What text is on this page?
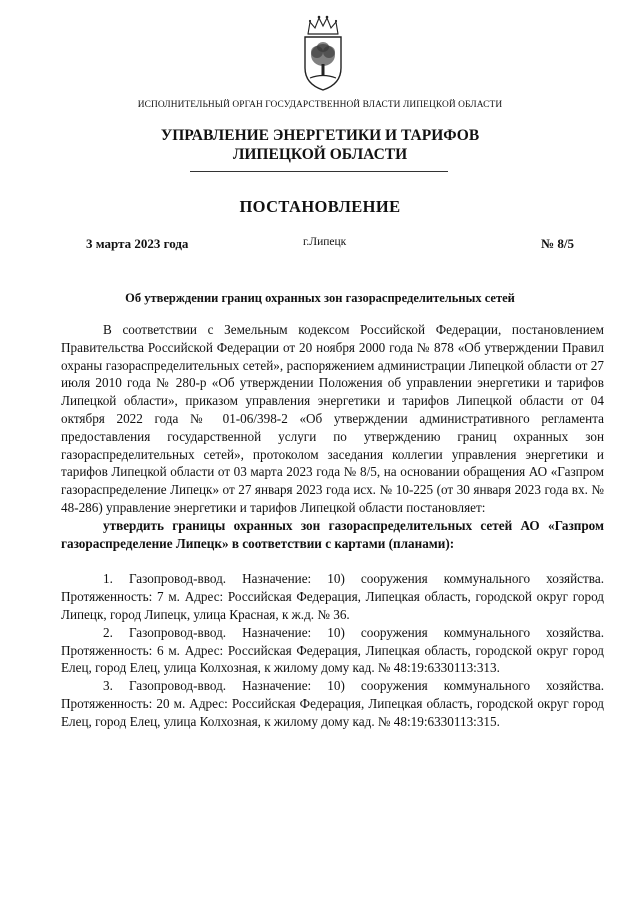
ИСПОЛНИТЕЛЬНЫЙ ОРГАН ГОСУДАРСТВЕННОЙ ВЛАСТИ ЛИПЕЦКОЙ ОБЛАСТИ
УПРАВЛЕНИЕ ЭНЕРГЕТИКИ И ТАРИФОВ
ЛИПЕЦКОЙ ОБЛАСТИ
ПОСТАНОВЛЕНИЕ
3 марта 2023 года	г.Липецк	№ 8/5
Об утверждении границ охранных зон газораспределительных сетей

В соответствии с Земельным кодексом Российской Федерации, постановлением Правительства Российской Федерации от 20 ноября 2000 года № 878 «Об утверждении Правил охраны газораспределительных сетей», распоряжением администрации Липецкой области от 27 июля 2010 года № 280-р «Об утверждении Положения об управлении энергетики и тарифов Липецкой области», приказом управления энергетики и тарифов Липецкой области от 04 октября 2022 года № 01-06/398-2 «Об утверждении административного регламента предоставления государственной услуги по утверждению границ охранных зон газораспределительных сетей», протоколом заседания коллегии управления энергетики и тарифов Липецкой области от 03 марта 2023 года № 8/5, на основании обращения АО «Газпром газораспределение Липецк» от 27 января 2023 года исх. № 10-225 (от 30 января 2023 года вх. № 48-286) управление энергетики и тарифов Липецкой области постановляет:

утвердить границы охранных зон газораспределительных сетей АО «Газпром газораспределение Липецк» в соответствии с картами (планами):

1. Газопровод-ввод. Назначение: 10) сооружения коммунального хозяйства. Протяженность: 7 м. Адрес: Российская Федерация, Липецкая область, городской округ город Липецк, город Липецк, улица Красная, к ж.д. № 36.

2. Газопровод-ввод. Назначение: 10) сооружения коммунального хозяйства. Протяженность: 6 м. Адрес: Российская Федерация, Липецкая область, городской округ город Елец, город Елец, улица Колхозная, к жилому дому кад. № 48:19:6330113:313.

3. Газопровод-ввод. Назначение: 10) сооружения коммунального хозяйства. Протяженность: 20 м. Адрес: Российская Федерация, Липецкая область, городской округ город Елец, город Елец, улица Колхозная, к жилому дому кад. № 48:19:6330113:315.
